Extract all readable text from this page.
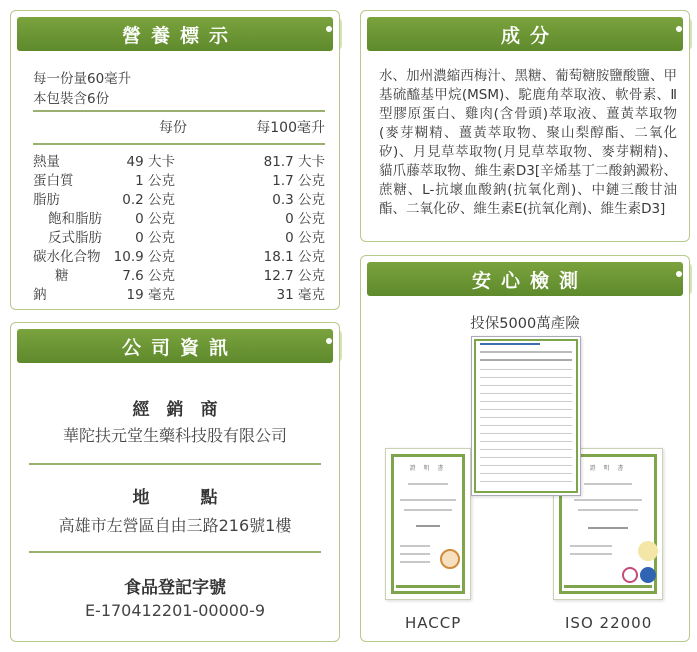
營養標示
每一份量60毫升
本包裝含6份
每份	每100毫升
熱量	49 大卡	81.7 大卡
蛋白質	1 公克	1.7 公克
脂肪	0.2 公克	0.3 公克
飽和脂肪 0 公克	0 公克
反式脂肪 0 公克	0 公克
碳水化合物 10.9 公克	18.1 公克
糖	7.6 公克	12.7 公克
鈉	19 毫克	31 毫克
公司資訊
經　銷　商
華陀扶元堂生藥科技股有限公司
地　　　點
高雄市左營區自由三路216號1樓
食品登記字號
E-170412201-00000-9
成分
水、加州濃縮西梅汁、黑糖、葡萄糖胺鹽酸鹽、甲基硫醯基甲烷(MSM)、駝鹿角萃取液、軟骨素、Ⅱ型膠原蛋白、雞肉(含骨頭)萃取液、薑黃萃取物(麥芽糊精、薑黃萃取物、聚山梨醇酯、二氧化矽)、月見草萃取物(月見草萃取物、麥芽糊精)、貓爪藤萃取物、維生素D3[辛烯基丁二酸鈉澱粉、蔗糖、L-抗壞血酸鈉(抗氧化劑)、中鏈三酸甘油酯、二氧化矽、維生素E(抗氧化劑)、維生素D3]
安心檢測
投保5000萬產險
證 明 書	證 明 書
HACCP	ISO 22000
